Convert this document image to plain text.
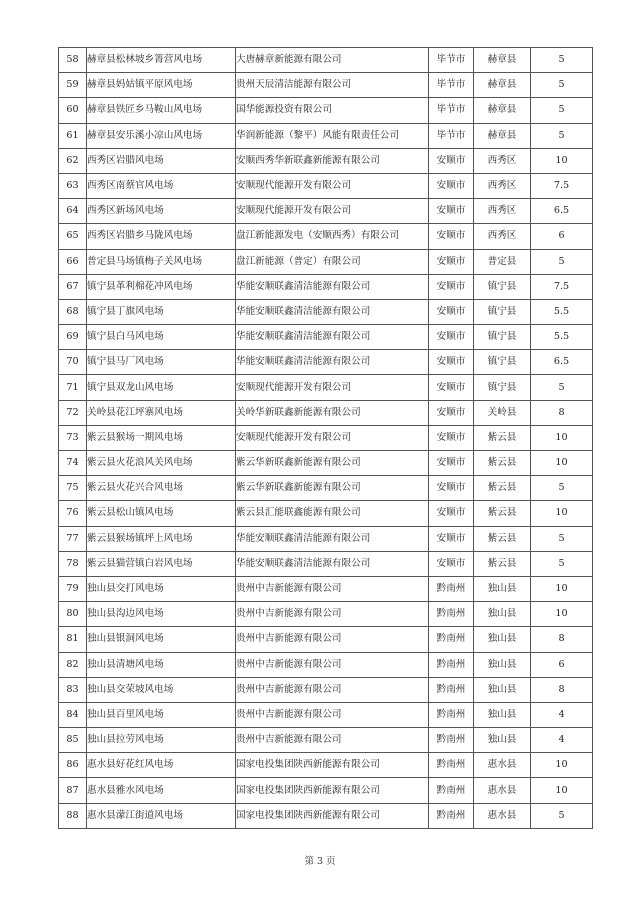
58	赫章县松林坡乡箐营风电场	大唐赫章新能源有限公司	毕节市	赫章县	5
59	赫章县妈姑镇平原风电场	贵州天辰清洁能源有限公司	毕节市	赫章县	5
60	赫章县铁匠乡马鞍山风电场	国华能源投资有限公司	毕节市	赫章县	5
61	赫章县安乐溪小凉山风电场	华润新能源（黎平）风能有限责任公司	毕节市	赫章县	5
62	西秀区岩腊风电场	安顺西秀华新联鑫新能源有限公司	安顺市	西秀区	10
63	西秀区南蔡官风电场	安顺现代能源开发有限公司	安顺市	西秀区	7.5
64	西秀区新场风电场	安顺现代能源开发有限公司	安顺市	西秀区	6.5
65	西秀区岩腊乡马陇风电场	盘江新能源发电（安顺西秀）有限公司	安顺市	西秀区	6
66	普定县马场镇梅子关风电场	盘江新能源（普定）有限公司	安顺市	普定县	5
67	镇宁县革利棉花冲风电场	华能安顺联鑫清洁能源有限公司	安顺市	镇宁县	7.5
68	镇宁县丁旗风电场	华能安顺联鑫清洁能源有限公司	安顺市	镇宁县	5.5
69	镇宁县白马风电场	华能安顺联鑫清洁能源有限公司	安顺市	镇宁县	5.5
70	镇宁县马厂风电场	华能安顺联鑫清洁能源有限公司	安顺市	镇宁县	6.5
71	镇宁县双龙山风电场	安顺现代能源开发有限公司	安顺市	镇宁县	5
72	关岭县花江坪寨风电场	关岭华新联鑫新能源有限公司	安顺市	关岭县	8
73	紫云县猴场一期风电场	安顺现代能源开发有限公司	安顺市	紫云县	10
74	紫云县火花浪风关风电场	紫云华新联鑫新能源有限公司	安顺市	紫云县	10
75	紫云县火花兴合风电场	紫云华新联鑫新能源有限公司	安顺市	紫云县	5
76	紫云县松山镇风电场	紫云县汇能联鑫能源有限公司	安顺市	紫云县	10
77	紫云县猴场镇坪上风电场	华能安顺联鑫清洁能源有限公司	安顺市	紫云县	5
78	紫云县猫营镇白岩风电场	华能安顺联鑫清洁能源有限公司	安顺市	紫云县	5
79	独山县交打风电场	贵州中吉新能源有限公司	黔南州	独山县	10
80	独山县沟边风电场	贵州中吉新能源有限公司	黔南州	独山县	10
81	独山县银洞风电场	贵州中吉新能源有限公司	黔南州	独山县	8
82	独山县清塘风电场	贵州中吉新能源有限公司	黔南州	独山县	6
83	独山县交荣坡风电场	贵州中吉新能源有限公司	黔南州	独山县	8
84	独山县百里风电场	贵州中吉新能源有限公司	黔南州	独山县	4
85	独山县拉劳风电场	贵州中吉新能源有限公司	黔南州	独山县	4
86	惠水县好花红风电场	国家电投集团陕西新能源有限公司	黔南州	惠水县	10
87	惠水县雅水风电场	国家电投集团陕西新能源有限公司	黔南州	惠水县	10
88	惠水县濛江街道风电场	国家电投集团陕西新能源有限公司	黔南州	惠水县	5
第 3 页
